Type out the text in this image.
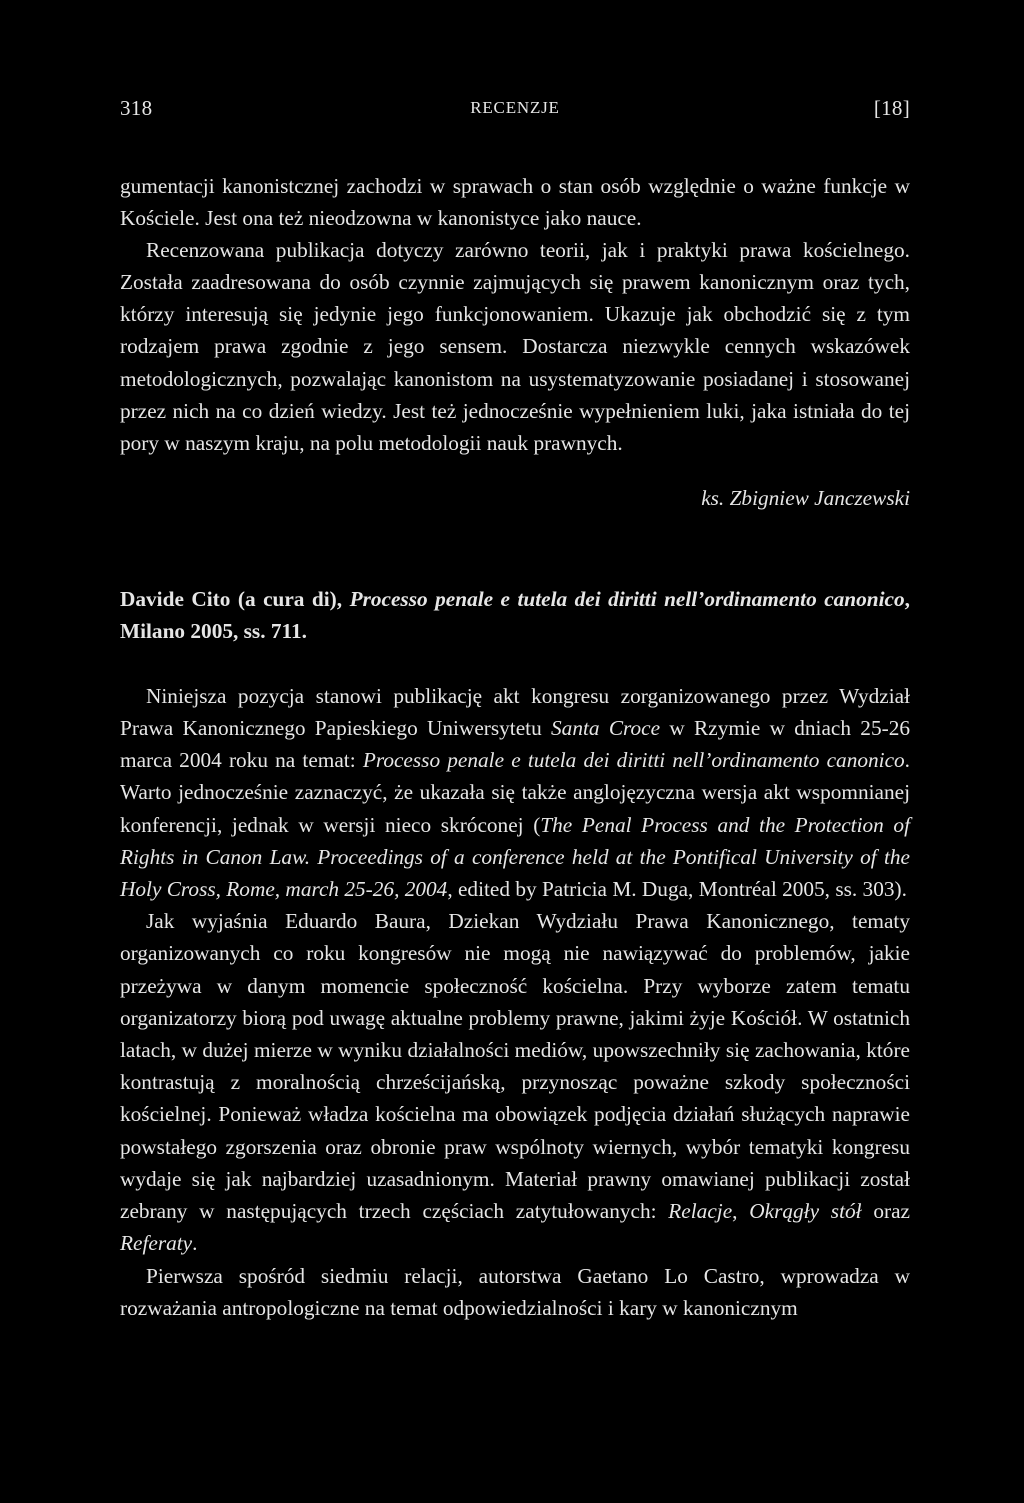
318	RECENZJE	[18]

gumentacji kanonistcznej zachodzi w sprawach o stan osób względnie o ważne funkcje w Kościele. Jest ona też nieodzowna w kanonistyce jako nauce.

Recenzowana publikacja dotyczy zarówno teorii, jak i praktyki prawa kościelnego. Została zaadresowana do osób czynnie zajmujących się prawem kanonicznym oraz tych, którzy interesują się jedynie jego funkcjonowaniem. Ukazuje jak obchodzić się z tym rodzajem prawa zgodnie z jego sensem. Dostarcza niezwykle cennych wskazówek metodologicznych, pozwalając kanonistom na usystematyzowanie posiadanej i stosowanej przez nich na co dzień wiedzy. Jest też jednocześnie wypełnieniem luki, jaka istniała do tej pory w naszym kraju, na polu metodologii nauk prawnych.

ks. Zbigniew Janczewski
Davide Cito (a cura di), Processo penale e tutela dei diritti nell’ordinamento canonico, Milano 2005, ss. 711.

Niniejsza pozycja stanowi publikację akt kongresu zorganizowanego przez Wydział Prawa Kanonicznego Papieskiego Uniwersytetu Santa Croce w Rzymie w dniach 25-26 marca 2004 roku na temat: Processo penale e tutela dei diritti nell’ordinamento canonico. Warto jednocześnie zaznaczyć, że ukazała się także anglojęzyczna wersja akt wspomnianej konferencji, jednak w wersji nieco skróconej (The Penal Process and the Protection of Rights in Canon Law. Proceedings of a conference held at the Pontifical University of the Holy Cross, Rome, march 25-26, 2004, edited by Patricia M. Duga, Montréal 2005, ss. 303).

Jak wyjaśnia Eduardo Baura, Dziekan Wydziału Prawa Kanonicznego, tematy organizowanych co roku kongresów nie mogą nie nawiązywać do problemów, jakie przeżywa w danym momencie społeczność kościelna. Przy wyborze zatem tematu organizatorzy biorą pod uwagę aktualne problemy prawne, jakimi żyje Kościół. W ostatnich latach, w dużej mierze w wyniku działalności mediów, upowszechniły się zachowania, które kontrastują z moralnością chrześcijańską, przynosząc poważne szkody społeczności kościelnej. Ponieważ władza kościelna ma obowiązek podjęcia działań służących naprawie powstałego zgorszenia oraz obronie praw wspólnoty wiernych, wybór tematyki kongresu wydaje się jak najbardziej uzasadnionym. Materiał prawny omawianej publikacji został zebrany w następujących trzech częściach zatytułowanych: Relacje, Okrągły stół oraz Referaty.

Pierwsza spośród siedmiu relacji, autorstwa Gaetano Lo Castro, wprowadza w rozważania antropologiczne na temat odpowiedzialności i kary w kanonicznym
